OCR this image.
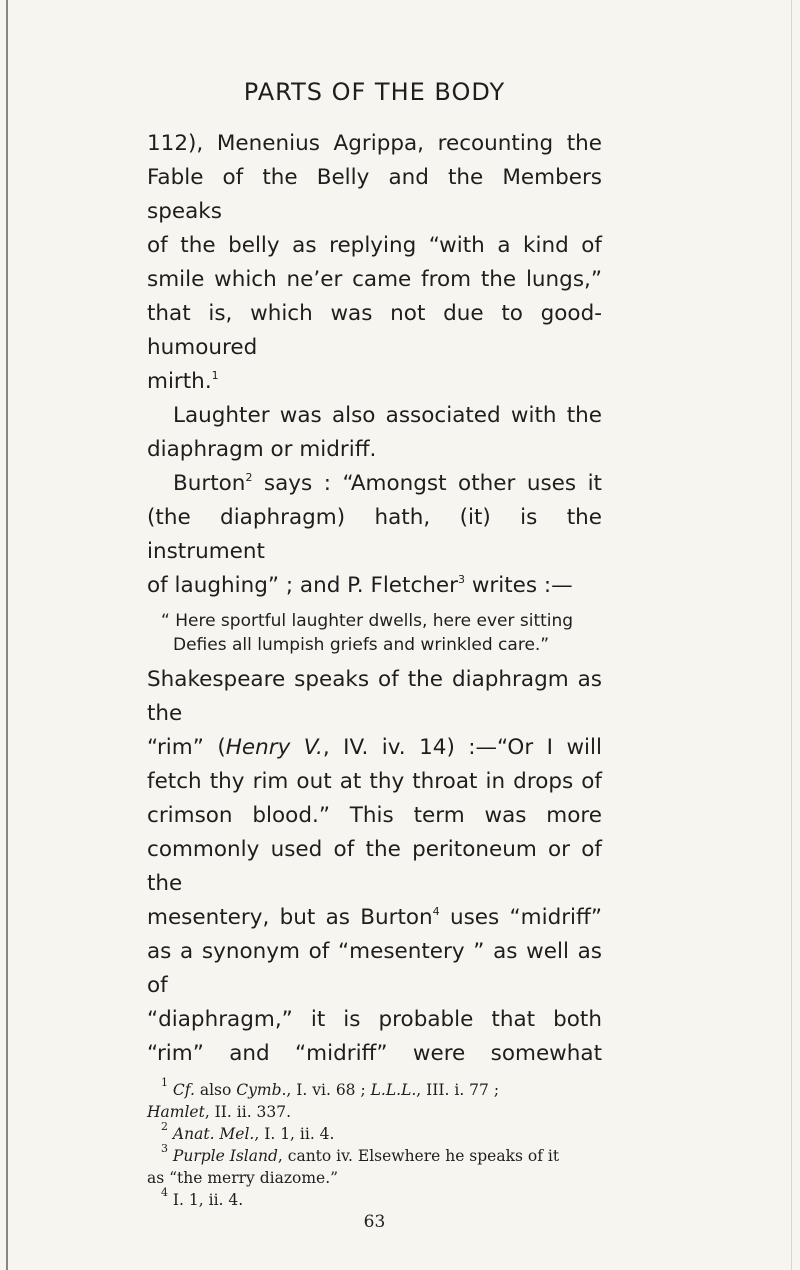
PARTS OF THE BODY

112), Menenius Agrippa, recounting the

Fable of the Belly and the Members speaks

of the belly as replying “with a kind of

smile which ne’er came from the lungs,”

that is, which was not due to good-humoured

mirth.$^1$

Laughter was also associated with the

diaphragm or midriff.

Burton$^2$ says : “Amongst other uses it

(the diaphragm) hath, (it) is the instrument

of laughing” ; and P. Fletcher$^3$ writes :—

“ Here sportful laughter dwells, here ever sitting
Defies all lumpish griefs and wrinkled care.”

Shakespeare speaks of the diaphragm as the

“rim” (Henry V., IV. iv. 14) :—“Or I will

fetch thy rim out at thy throat in drops of

crimson blood.” This term was more

commonly used of the peritoneum or of the

mesentery, but as Burton$^4$ uses “midriff”

as a synonym of “mesentery ” as well as of

“diaphragm,” it is probable that both

“rim” and “midriff” were somewhat

$^1$ Cf. also Cymb., I. vi. 68 ; L.L.L., III. i. 77 ;

Hamlet, II. ii. 337.

$^2$ Anat. Mel., I. 1, ii. 4.

$^3$ Purple Island, canto iv. Elsewhere he speaks of it

as “the merry diazome.”

$^4$ I. 1, ii. 4.

63
